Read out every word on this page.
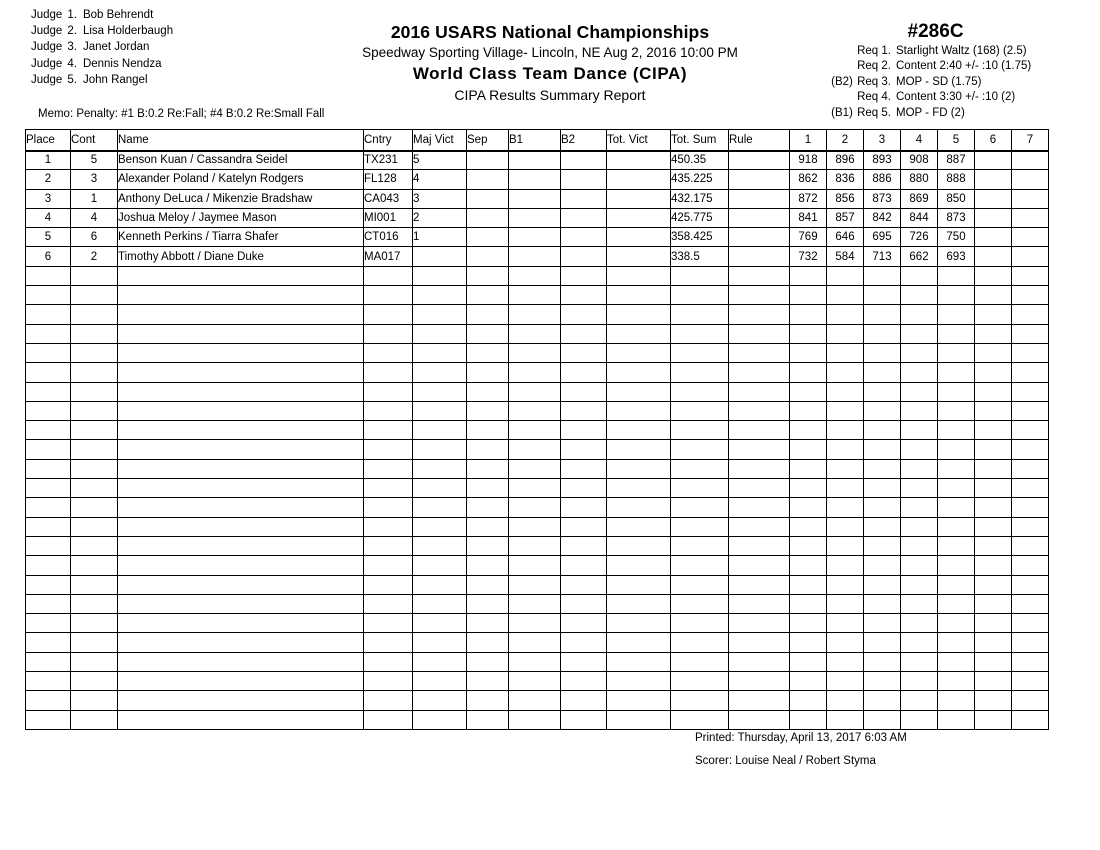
Judge 1. Bob Behrendt
Judge 2. Lisa Holderbaugh
Judge 3. Janet Jordan
Judge 4. Dennis Nendza
Judge 5. John Rangel
2016 USARS National Championships
Speedway Sporting Village- Lincoln, NE Aug 2, 2016 10:00 PM
World Class Team Dance (CIPA)
CIPA Results Summary Report
#286C
Req 1. Starlight Waltz (168) (2.5)
Req 2. Content 2:40 +/- :10 (1.75)
(B2) Req 3. MOP - SD (1.75)
Req 4. Content 3:30 +/- :10 (2)
(B1) Req 5. MOP - FD (2)
Memo: Penalty: #1 B:0.2 Re:Fall; #4 B:0.2 Re:Small Fall
Place	Cont	Name	Cntry	Maj Vict	Sep	B1	B2	Tot. Vict	Tot. Sum	Rule	1	2	3	4	5	6	7
1	5	Benson Kuan / Cassandra Seidel	TX231	5					450.35		918	896	893	908	887		
2	3	Alexander Poland / Katelyn Rodgers	FL128	4					435.225		862	836	886	880	888		
3	1	Anthony DeLuca / Mikenzie Bradshaw	CA043	3					432.175		872	856	873	869	850		
4	4	Joshua Meloy / Jaymee Mason	MI001	2					425.775		841	857	842	844	873		
5	6	Kenneth Perkins / Tiarra Shafer	CT016	1					358.425		769	646	695	726	750		
6	2	Timothy Abbott / Diane Duke	MA017						338.5		732	584	713	662	693		

Printed: Thursday, April 13, 2017 6:03 AM
Scorer: Louise Neal / Robert Styma
